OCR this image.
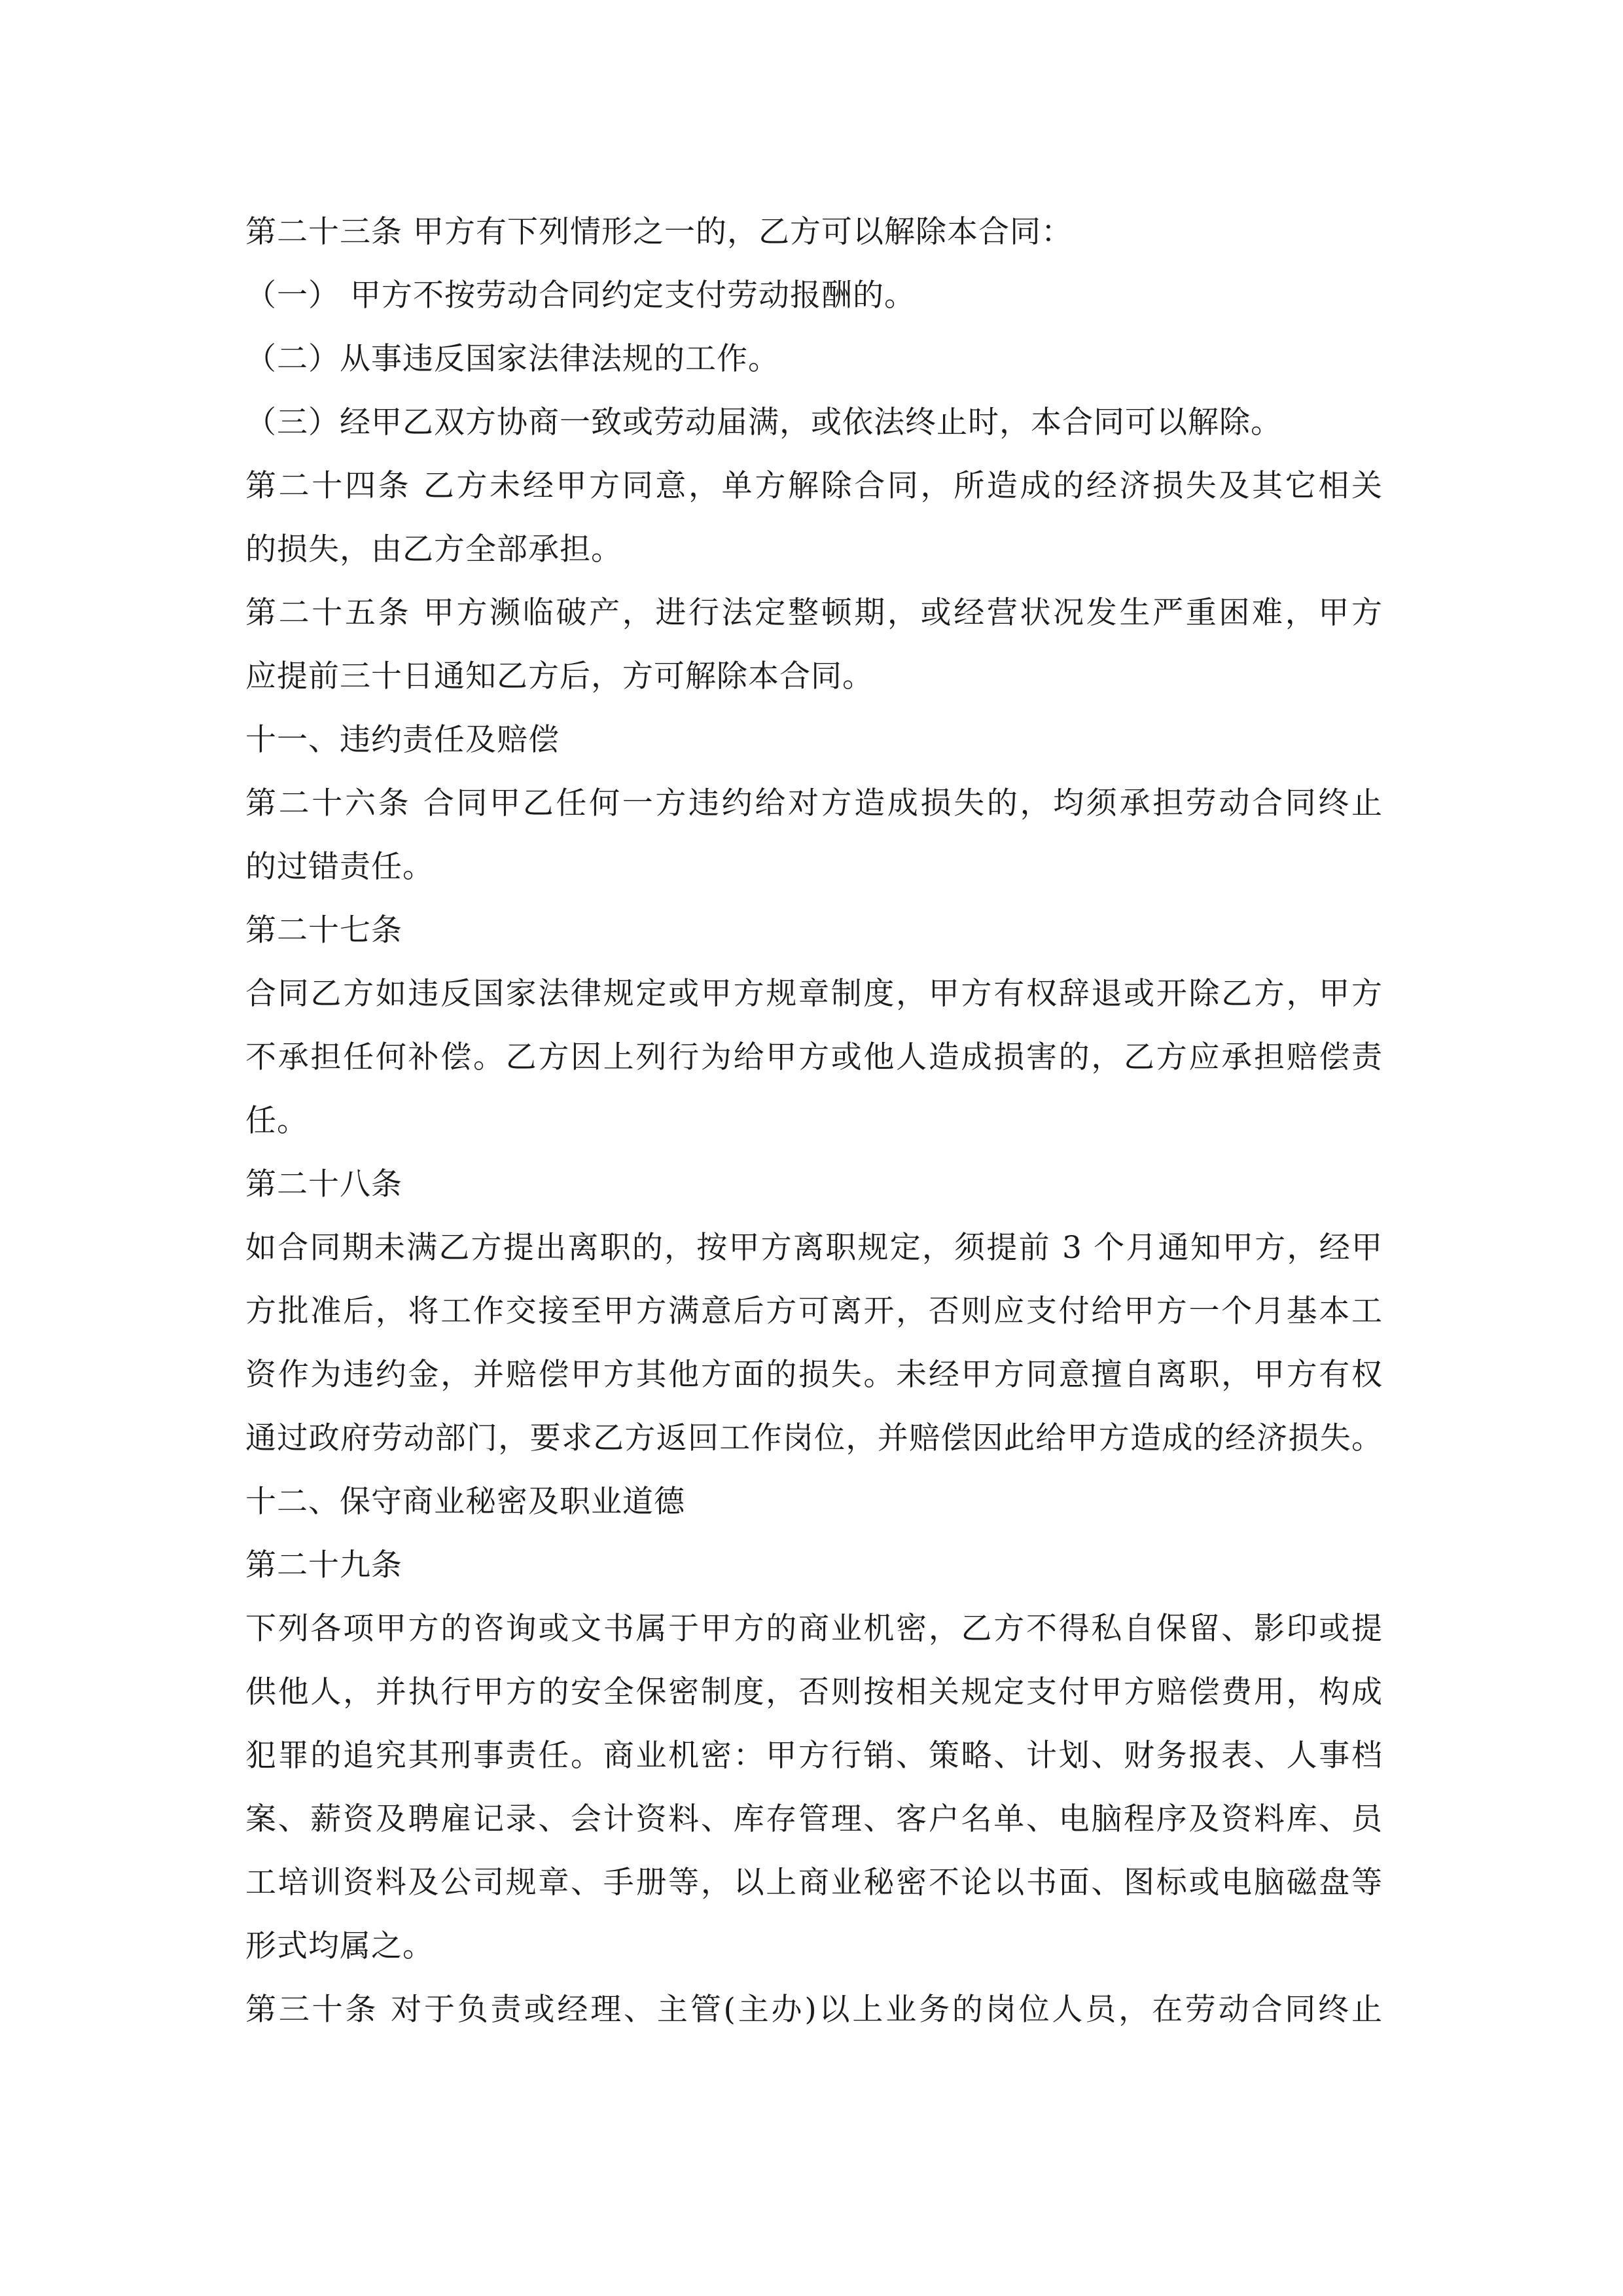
第二十三条 甲方有下列情形之一的，乙方可以解除本合同：
（一） 甲方不按劳动合同约定支付劳动报酬的。
（二）从事违反国家法律法规的工作。
（三）经甲乙双方协商一致或劳动届满，或依法终止时，本合同可以解除。
第二十四条 乙方未经甲方同意，单方解除合同，所造成的经济损失及其它相关
的损失，由乙方全部承担。
第二十五条 甲方濒临破产，进行法定整顿期，或经营状况发生严重困难，甲方
应提前三十日通知乙方后，方可解除本合同。
十一、违约责任及赔偿
第二十六条 合同甲乙任何一方违约给对方造成损失的，均须承担劳动合同终止
的过错责任。
第二十七条
合同乙方如违反国家法律规定或甲方规章制度，甲方有权辞退或开除乙方，甲方
不承担任何补偿。乙方因上列行为给甲方或他人造成损害的，乙方应承担赔偿责
任。
第二十八条
如合同期未满乙方提出离职的，按甲方离职规定，须提前 3 个月通知甲方，经甲
方批准后，将工作交接至甲方满意后方可离开，否则应支付给甲方一个月基本工
资作为违约金，并赔偿甲方其他方面的损失。未经甲方同意擅自离职，甲方有权
通过政府劳动部门，要求乙方返回工作岗位，并赔偿因此给甲方造成的经济损失。
十二、保守商业秘密及职业道德
第二十九条
下列各项甲方的咨询或文书属于甲方的商业机密，乙方不得私自保留、影印或提
供他人，并执行甲方的安全保密制度，否则按相关规定支付甲方赔偿费用，构成
犯罪的追究其刑事责任。商业机密：甲方行销、策略、计划、财务报表、人事档
案、薪资及聘雇记录、会计资料、库存管理、客户名单、电脑程序及资料库、员
工培训资料及公司规章、手册等，以上商业秘密不论以书面、图标或电脑磁盘等
形式均属之。
第三十条 对于负责或经理、主管(主办)以上业务的岗位人员，在劳动合同终止
